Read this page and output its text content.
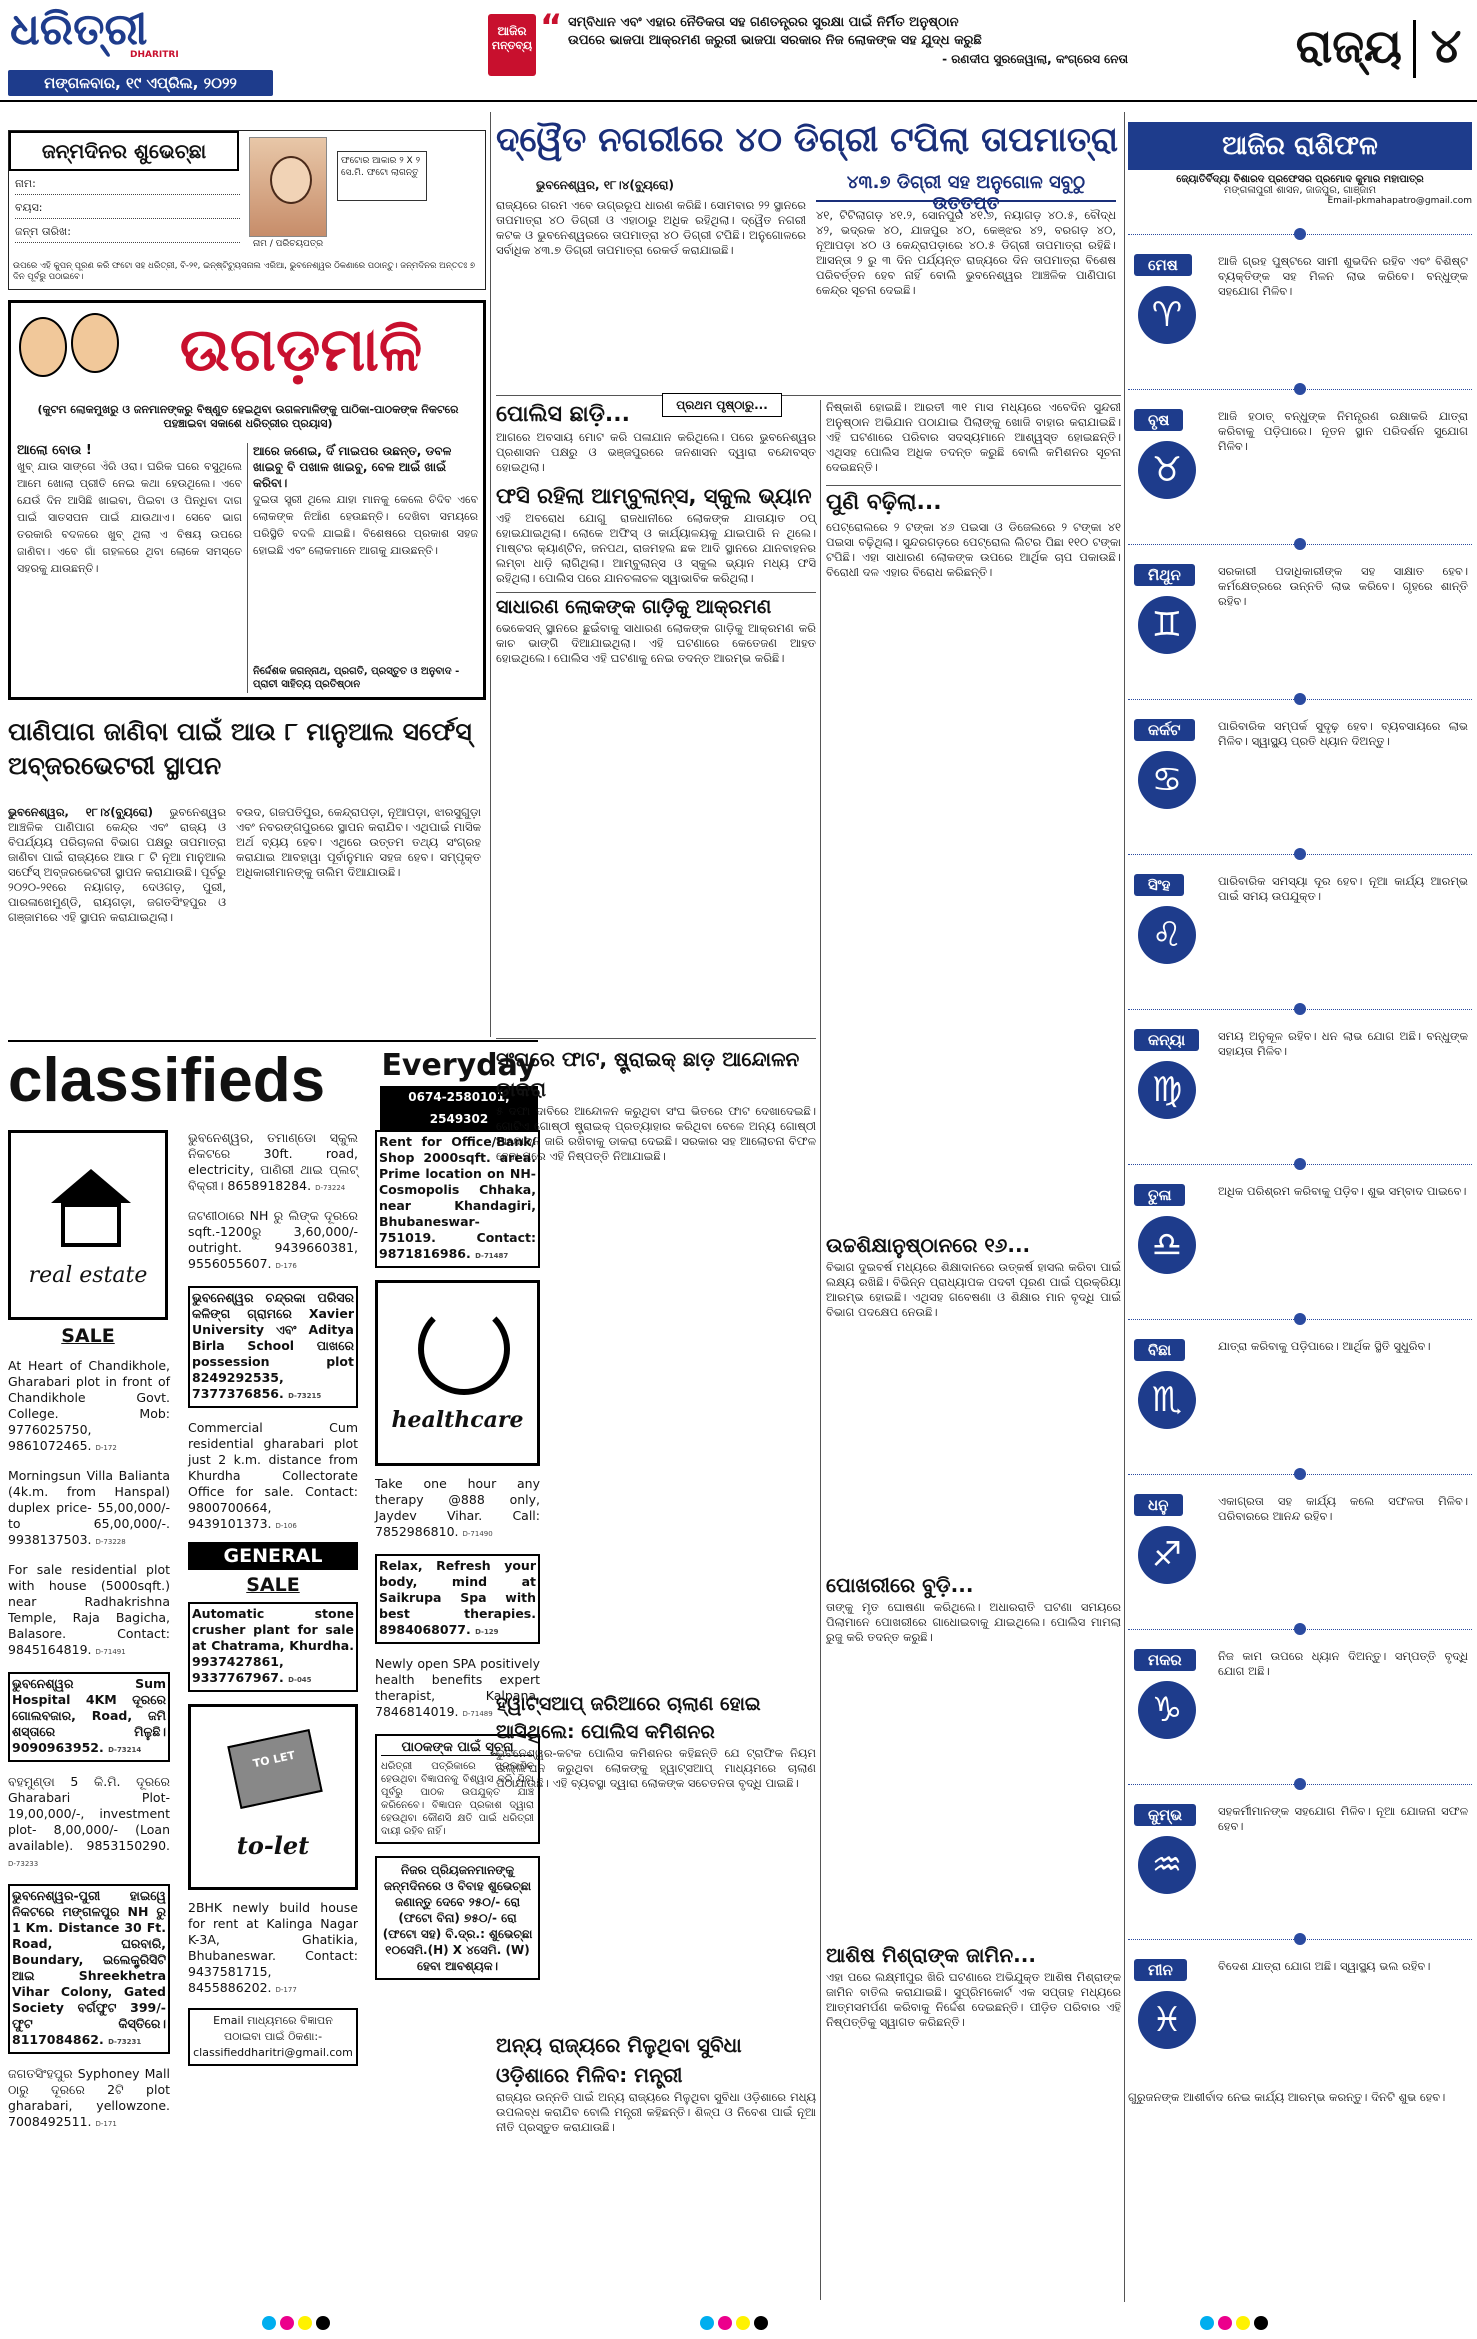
ଧରିତ୍ରୀ
DHARITRI
ମଙ୍ଗଳବାର, ୧୯ ଏପ୍ରିଲ, ୨୦୨୨
ଆଜିର
ମନ୍ତବ୍ୟ “ ସମ୍ବିଧାନ ଏବଂ ଏହାର ନୈତିକତା ସହ ଗଣତନ୍ତ୍ରର ସୁରକ୍ଷା ପାଇଁ ନିର୍ମିତ ଅନୁଷ୍ଠାନ
ଉପରେ ଭାଜପା ଆକ୍ରମଣ ଜରୁରୀ ଭାଜପା ସରକାର ନିଜ ଲୋକଙ୍କ ସହ ଯୁଦ୍ଧ କରୁଛି
- ରଣଦୀପ ସୁରଜେୱାଲା, କଂଗ୍ରେସ ନେତା	ରାଜ୍ୟ ୪
ଜନ୍ମଦିନର ଶୁଭେଚ୍ଛା
ନାମ:
ବୟସ:
ଜନ୍ମ ତାରିଖ:
ନାମ / ପରିଚୟପତ୍ର
ଫଟୋର ଆକାର ୨ X ୨ ସେ.ମି. ଫଟୋ ଲାଗନ୍ତୁ
ଉପରେ ଏହି କୁପନ୍ ପୂରଣ କରି ଫଟୋ ସହ ଧରିତ୍ରୀ, ବି-୨୧, ଇନ୍‌ଷ୍ଟିଟ୍ୟୁସନାଲ ଏରିଆ, ଭୁବନେଶ୍ୱର ଠିକଣାରେ ପଠାନ୍ତୁ। ଜନ୍ମଦିନର ଅନ୍ତତଃ ୭ ଦିନ ପୂର୍ବରୁ ପଠାଇବେ।
ଉଗଡ଼ମାଳି
(କୁଟମ ଲୋକମୁଖରୁ ଓ ଜନମାନଙ୍କରୁ ବିଷ୍ଣୁତ ହେଇଥିବା ଉଗଳମାଳିଙ୍କୁ ପାଠିକା-ପାଠକଙ୍କ ନିକଟରେ ପହଞ୍ଚାଇବା ସକାଶେ ଧରିତ୍ରୀର ପ୍ରୟାସ)
ଆଲୋ ବୋଉ !
ଖୁବ୍ ଯାଉ ସାଙ୍ଗେ ଏଁରି ଓରା। ଘରିକ ଘରେ ବସୁଥିଲେ ଆମେ ଖୋଲା ପ୍ରୀତି ନେଇ କଥା ହେଉଥିଲେ। ଏବେ ଯେଉଁ ଦିନ ଆସିଛି ଖାଇବା, ପିଇବା ଓ ପିନ୍ଧିବା ଦାଗ ପାଇଁ ସାତସପନ ପାଇଁ ଯାଉଥାଏ। ସେବେ ଭାଗ ତରକାରି ବଦଳରେ ଖୁବ୍ ଥିଲା ଏ ବିଷୟ ଉପରେ ଜାଣିବା। ଏବେ ଗାଁ ଗହଳରେ ଥିବା ଲୋକେ ସମସ୍ତେ ସହରକୁ ଯାଉଛନ୍ତି।
ଆରେ ଜଣେଇ, ଦିଁ ମାଇପର ଉଛନ୍ତ, ଡବଳ ଖାଇବୁ ବି ପଖାଳ ଖାଇବୁ, ବେଳ ଆଇଁ ଖାଇଁ କରିବା।
ଦୁଇତା ସ୍ତ୍ରୀ ଥିଲେ ଯାହା ମାନକୁ କେଲେ ଚିଦିବ ଏବେ ଲୋକଙ୍କ ନିଆଁଣ ହେଉଛନ୍ତି। ଦେଖିବା ସମୟରେ ପରିସ୍ଥିତି ବଦଳି ଯାଇଛି। ବିଶେଷରେ ପ୍ରକାଶ ସହଜ ହୋଇଛି ଏବଂ ଲୋକମାନେ ଆଗକୁ ଯାଉଛନ୍ତି।
ନିର୍ଦ୍ଦେଶକ ଜଗନ୍ନାଥ, ପ୍ରଗତି, ପ୍ରସ୍ତୁତ ଓ ଅନୁବାଦ - ପ୍ରାଚୀ ସାହିତ୍ୟ ପ୍ରତିଷ୍ଠାନ
ପାଣିପାଗ ଜାଣିବା ପାଇଁ ଆଉ ୮ ମାନୁଆଲ ସର୍ଫେସ୍ ଅବ୍‌ଜରଭେଟରୀ ସ୍ଥାପନ
ଭୁବନେଶ୍ୱର, ୧୮।୪(ବ୍ୟୁରୋ) ଭୁବନେଶ୍ୱର ଆଞ୍ଚଳିକ ପାଣିପାଗ କେନ୍ଦ୍ର ଏବଂ ରାଜ୍ୟ ଓ ବିପର୍ଯ୍ୟୟ ପରିଚାଳନା ବିଭାଗ ପକ୍ଷରୁ ତାପମାତ୍ରା ଜାଣିବା ପାଇଁ ରାଜ୍ୟରେ ଆଉ ୮ ଟି ନୂଆ ମାନୁଆଲ ସର୍ଫେସ୍ ଅବ୍‌ଜରଭେଟରୀ ସ୍ଥାପନ କରାଯାଉଛି। ପୂର୍ବରୁ ୨୦୨୦-୨୧ରେ ନୟାଗଡ଼, ଦେଓଗଡ଼, ପୁରୀ, ପାରଳାଖେମୁଣ୍ଡି, ରାୟଗଡ଼ା, ଜଗତସିଂହପୁର ଓ ଗଞ୍ଜାମରେ ଏହି ସ୍ଥାପନ କରାଯାଇଥିଲା।
ବଉଦ, ଗଜପତିପୁର, କେନ୍ଦ୍ରାପଡ଼ା, ନୂଆପଡ଼ା, ଝାରସୁଗୁଡ଼ା ଏବଂ ନବରଙ୍ଗପୁରରେ ସ୍ଥାପନ କରାଯିବ। ଏଥିପାଇଁ ମାସିକ ଅର୍ଥ ବ୍ୟୟ ହେବ। ଏଥିରେ ଉତ୍ତମ ତଥ୍ୟ ସଂଗ୍ରହ କରାଯାଇ ଆବହାୱା ପୂର୍ବାନୁମାନ ସହଜ ହେବ। ସମ୍ପୃକ୍ତ ଅଧିକାରୀମାନଙ୍କୁ ତାଲିମ ଦିଆଯାଉଛି।
classifieds	Everyday
0674-2580101, 2549302
real estate
SALE
At Heart of Chandikhole, Gharabari plot in front of Chandikhole Govt. College. Mob: 9776025750, 9861072465. D-172
Morningsun Villa Balianta (4k.m. from Hanspal) duplex price- 55,00,000/- to 65,00,000/-. 9938137503. D-73228
For sale residential plot with house (5000sqft.) near Radhakrishna Temple, Raja Bagicha, Balasore. Contact: 9845164819. D-71491
ଭୁବନେଶ୍ୱର Sum Hospital 4KM ଦୂରରେ ଗୋଲବଜାର, Road, ଜମି ଶସ୍ତାରେ ମିଳୁଛି। 9090963952. D-73214
ବହମୁଣ୍ଡା 5 କି.ମି. ଦୂରରେ Gharabari Plot- 19,00,000/-, investment plot- 8,00,000/- (Loan available). 9853150290. D-73233
ଭୁବନେଶ୍ୱର-ପୁରୀ ହାଇୱେ ନିକଟରେ ମଙ୍ଗଳପୁର NH ରୁ 1 Km. Distance 30 Ft. Road, ଘରବାରି, Boundary, ଇଲେକ୍ଟ୍ରିସିଟି ଆଇ Shreekhetra Vihar Colony, Gated Society ବର୍ଗଫୁଟ 399/- ଫୁଟ କିସ୍ତିରେ। 8117084862. D-73231
ଜଗତସିଂହପୁର Syphoney Mall ଠାରୁ ଦୂରରେ 2ଟି plot gharabari, yellowzone. 7008492511. D-171
ଭୁବନେଶ୍ୱର, ତମାଣ୍ଡୋ ସ୍କୁଲ ନିକଟରେ 30ft. road, electricity, ପାଣିରୀ ଥାଇ ପ୍ଲଟ୍ ବିକ୍ରୀ। 8658918284. D-73224
ଜଟଣୀଠାରେ NH ରୁ ଲିଙ୍କ ଦୂରରେ sqft.-1200ରୁ 3,60,000/- outright. 9439660381, 9556055607. D-176
ଭୁବନେଶ୍ୱର ଚନ୍ଦ୍ରକା ପରିସର କଳିଙ୍ଗ ଗ୍ରାମରେ Xavier University ଏବଂ Aditya Birla School ପାଖରେ possession plot 8249292535, 7377376856. D-73215
Commercial Cum residential gharabari plot just 2 k.m. distance from Khurdha Collectorate Office for sale. Contact: 9800700664, 9439101373. D-106
GENERAL
SALE
Automatic stone crusher plant for sale at Chatrama, Khurdha. 9937427861, 9337767967. D-045
TO LET
to-let
2BHK newly build house for rent at Kalinga Nagar K-3A, Ghatikia, Bhubaneswar. Contact: 9437581715, 8455886202. D-177
Email ମାଧ୍ୟମରେ ବିଜ୍ଞାପନ ପଠାଇବା ପାଇଁ ଠିକଣା:- classifieddharitri@gmail.com
Rent for Office/Bank/ Shop 2000sqft. area. Prime location on NH-Cosmopolis Chhaka, near Khandagiri, Bhubaneswar-751019. Contact: 9871816986. D-71487
healthcare
Take one hour any therapy @888 only, Jaydev Vihar. Call: 7852986810. D-71490
Relax, Refresh your body, mind at Saikrupa Spa with best therapies. 8984068077. D-129
Newly open SPA positively health benefits expert therapist, Kalpana. 7846814019. D-71489
ପାଠକଙ୍କ ପାଇଁ ସୂଚନା
ଧରିତ୍ରୀ ପତ୍ରିକାରେ ପ୍ରକାଶିତ ହେଉଥିବା ବିଜ୍ଞାପନକୁ ବିଶ୍ୱାସ କରି ଯିବା ପୂର୍ବରୁ ପାଠକ ଉପଯୁକ୍ତ ଯାଞ୍ଚ କରିନେବେ। ବିଜ୍ଞାପନ ପ୍ରକାଶ ଦ୍ୱାରା ହେଉଥିବା କୌଣସି କ୍ଷତି ପାଇଁ ଧରିତ୍ରୀ ଦାୟୀ ରହିବ ନାହିଁ।
ନିଜର ପ୍ରିୟଜନମାନଙ୍କୁ ଜନ୍ମଦିନରେ ଓ ବିବାହ ଶୁଭେଚ୍ଛା ଜଣାନ୍ତୁ ଦେବେ ୨୫୦/- ରୋ (ଫଟୋ ବିନା) ୭୫୦/- ରୋ (ଫଟୋ ସହ) ବି.ଦ୍ର.: ଶୁଭେଚ୍ଛା ୧୦ସେମି.(H) X ୪ସେମି. (W) ହେବା ଆବଶ୍ୟକ।
ଦ୍ୱୈତ ନଗରୀରେ ୪୦ ଡିଗ୍ରୀ ଟପିଲା ତାପମାତ୍ରା
ଭୁବନେଶ୍ୱର, ୧୮।୪(ବ୍ୟୁରୋ)	୪୩.୭ ଡିଗ୍ରୀ ସହ ଅନୁଗୋଳ ସବୁଠୁ ଉତ୍ତପ୍ତ
ରାଜ୍ୟରେ ଗରମ ଏବେ ଉଗ୍ରରୂପ ଧାରଣ କରିଛି। ସୋମବାର ୨୨ ସ୍ଥାନରେ ତାପମାତ୍ରା ୪୦ ଡିଗ୍ରୀ ଓ ଏହାଠାରୁ ଅଧିକ ରହିଥିଲା। ଦ୍ୱୈତ ନଗରୀ କଟକ ଓ ଭୁବନେଶ୍ୱରରେ ତାପମାତ୍ରା ୪୦ ଡିଗ୍ରୀ ଟପିଛି। ଅନୁଗୋଳରେ ସର୍ବାଧିକ ୪୩.୭ ଡିଗ୍ରୀ ତାପମାତ୍ରା ରେକର୍ଡ କରାଯାଇଛି।
୪୧, ଟିଟିଲାଗଡ଼ ୪୧.୨, ସୋନପୁର ୪୧.୬, ନୟାଗଡ଼ ୪୦.୫, ବୌଦ୍ଧ ୪୨, ଭଦ୍ରକ ୪୦, ଯାଜପୁର ୪୦, କେଞ୍ଝର ୪୨, ବରଗଡ଼ ୪୦, ନୂଆପଡ଼ା ୪୦ ଓ କେନ୍ଦ୍ରାପଡ଼ାରେ ୪୦.୫ ଡିଗ୍ରୀ ତାପମାତ୍ରା ରହିଛି। ଆସନ୍ତା ୨ ରୁ ୩ ଦିନ ପର୍ଯ୍ୟନ୍ତ ରାଜ୍ୟରେ ଦିନ ତାପମାତ୍ରା ବିଶେଷ ପରିବର୍ତ୍ତନ ହେବ ନାହିଁ ବୋଲି ଭୁବନେଶ୍ୱର ଆଞ୍ଚଳିକ ପାଣିପାଗ କେନ୍ଦ୍ର ସୂଚନା ଦେଇଛି।
ପୋଲିସ ଛାଡ଼ି...
ଆଗରେ ଅବସାୟ ମୋଟ କରି ପଳାଯାନ କରିଥିଲେ। ପରେ ଭୁବନେଶ୍ୱର ପ୍ରଶାସନ ପକ୍ଷରୁ ଓ ଭଞ୍ଜପୁରରେ ଜନଶାସନ ଦ୍ୱାରା ବନ୍ଦୋବସ୍ତ ହୋଇଥିଲା।
ଫସି ରହିଲା ଆମ୍ବୁଲାନ୍ସ, ସ୍କୁଲ ଭ୍ୟାନ
ଏହି ଅବରୋଧ ଯୋଗୁ ରାଜଧାନୀରେ ଲୋକଙ୍କ ଯାତାୟାତ ଠପ୍ ହୋଇଯାଇଥିଲା। ଲୋକେ ଅଫିସ୍ ଓ କାର୍ଯ୍ୟାଳୟକୁ ଯାଇପାରି ନ ଥିଲେ। ମାଷ୍ଟର କ୍ୟାଣ୍ଟିନ, ଜନପଥ, ରାଜମହଲ ଛକ ଆଦି ସ୍ଥାନରେ ଯାନବାହନର ଲମ୍ବା ଧାଡ଼ି ଲାଗିଥିଲା। ଆମ୍ବୁଲାନ୍ସ ଓ ସ୍କୁଲ ଭ୍ୟାନ ମଧ୍ୟ ଫସି ରହିଥିଲା। ପୋଲିସ ପରେ ଯାନଚଳାଚଳ ସ୍ୱାଭାବିକ କରିଥିଲା।
ସାଧାରଣ ଲୋକଙ୍କ ଗାଡ଼ିକୁ ଆକ୍ରମଣ
ଭେକେସନ୍ ସ୍ଥାନରେ ଛୁଇଁବାକୁ ସାଧାରଣ ଲୋକଙ୍କ ଗାଡ଼ିକୁ ଆକ୍ରମଣ କରି କାଚ ଭାଙ୍ଗି ଦିଆଯାଇଥିଲା। ଏହି ଘଟଣାରେ କେତେଜଣ ଆହତ ହୋଇଥିଲେ। ପୋଲିସ ଏହି ଘଟଣାକୁ ନେଇ ତଦନ୍ତ ଆରମ୍ଭ କରିଛି।
ପ୍ରଥମ ପୃଷ୍ଠାରୁ...	ନିଷ୍କାଶି ହୋଇଛି। ଆରତୀ ୩୧ ମାସ ମଧ୍ୟରେ ଏବେଦିନ ସୁନ୍ଦରୀ ଅନୁଷ୍ଠାନ ଅଭିଯାନ ପଠାଯାଇ ପିଲାଙ୍କୁ ଖୋଜି ବାହାର କରାଯାଇଛି। ଏହି ଘଟଣାରେ ପରିବାର ସଦସ୍ୟମାନେ ଆଶ୍ୱସ୍ତ ହୋଇଛନ୍ତି। ଏଥିସହ ପୋଲିସ ଅଧିକ ତଦନ୍ତ କରୁଛି ବୋଲି କମିଶନର ସୂଚନା ଦେଇଛନ୍ତି।
ପୁଣି ବଢ଼ିଲା...
ପେଟ୍ରୋଲରେ ୨ ଟଙ୍କା ୪୬ ପଇସା ଓ ଡିଜେଲରେ ୨ ଟଙ୍କା ୪୧ ପଇସା ବଢ଼ିଥିଲା। ସୁନ୍ଦରଗଡ଼ରେ ପେଟ୍ରୋଲ ଲିଟର ପିଛା ୧୧୦ ଟଙ୍କା ଟପିଛି। ଏହା ସାଧାରଣ ଲୋକଙ୍କ ଉପରେ ଆର୍ଥିକ ଚାପ ପକାଉଛି। ବିରୋଧୀ ଦଳ ଏହାର ବିରୋଧ କରିଛନ୍ତି।
ସଂଘରେ ଫାଟ, ଷ୍ଟ୍ରାଇକ୍ ଛାଡ଼ ଆନ୍ଦୋଳନ ଡାକରା
୫ ଦଫା ଦାବିରେ ଆନ୍ଦୋଳନ କରୁଥିବା ସଂଘ ଭିତରେ ଫାଟ ଦେଖାଦେଇଛି। ଗୋଟିଏ ଗୋଷ୍ଠୀ ଷ୍ଟ୍ରାଇକ୍ ପ୍ରତ୍ୟାହାର କରିଥିବା ବେଳେ ଅନ୍ୟ ଗୋଷ୍ଠୀ ଆନ୍ଦୋଳନ ଜାରି ରଖିବାକୁ ଡାକରା ଦେଇଛି। ସରକାର ସହ ଆଲୋଚନା ବିଫଳ ହେବା ପରେ ଏହି ନିଷ୍ପତ୍ତି ନିଆଯାଇଛି।
ହ୍ୱାଟ୍‌ସଆପ୍ ଜରିଆରେ ଚାଲାଣ ହୋଇ ଆସିଥିଲେ: ପୋଲିସ କମିଶନର
ଭୁବନେଶ୍ୱର-କଟକ ପୋଲିସ କମିଶନର କହିଛନ୍ତି ଯେ ଟ୍ରାଫିକ ନିୟମ ଉଲ୍ଲଂଘନ କରୁଥିବା ଲୋକଙ୍କୁ ହ୍ୱାଟ୍‌ସଆପ୍ ମାଧ୍ୟମରେ ଚାଲାଣ ପଠାଯାଉଛି। ଏହି ବ୍ୟବସ୍ଥା ଦ୍ୱାରା ଲୋକଙ୍କ ସଚେତନତା ବୃଦ୍ଧି ପାଇଛି।
ଅନ୍ୟ ରାଜ୍ୟରେ ମିଳୁଥିବା ସୁବିଧା ଓଡ଼ିଶାରେ ମିଳିବ: ମନ୍ତ୍ରୀ
ରାଜ୍ୟର ଉନ୍ନତି ପାଇଁ ଅନ୍ୟ ରାଜ୍ୟରେ ମିଳୁଥିବା ସୁବିଧା ଓଡ଼ିଶାରେ ମଧ୍ୟ ଉପଲବ୍ଧ କରାଯିବ ବୋଲି ମନ୍ତ୍ରୀ କହିଛନ୍ତି। ଶିଳ୍ପ ଓ ନିବେଶ ପାଇଁ ନୂଆ ନୀତି ପ୍ରସ୍ତୁତ କରାଯାଉଛି।
ଉଚ୍ଚଶିକ୍ଷାନୁଷ୍ଠାନରେ ୧୬...
ବିଭାଗ ଦୁଇବର୍ଷ ମଧ୍ୟରେ ଶିକ୍ଷାଦାନରେ ଉତ୍କର୍ଷ ହାସଲ କରିବା ପାଇଁ ଲକ୍ଷ୍ୟ ରଖିଛି। ବିଭିନ୍ନ ପ୍ରାଧ୍ୟାପକ ପଦବୀ ପୂରଣ ପାଇଁ ପ୍ରକ୍ରିୟା ଆରମ୍ଭ ହୋଇଛି। ଏଥିସହ ଗବେଷଣା ଓ ଶିକ୍ଷାର ମାନ ବୃଦ୍ଧି ପାଇଁ ବିଭାଗ ପଦକ୍ଷେପ ନେଉଛି।
ପୋଖରୀରେ ବୁଡ଼ି...
ତାଙ୍କୁ ମୃତ ଘୋଷଣା କରିଥିଲେ। ଅଧାରରାତି ଘଟଣା ସମୟରେ ପିଲାମାନେ ପୋଖରୀରେ ଗାଧୋଇବାକୁ ଯାଇଥିଲେ। ପୋଲିସ ମାମଲା ରୁଜୁ କରି ତଦନ୍ତ କରୁଛି।
ଆଶିଷ ମିଶ୍ରାଙ୍କ ଜାମିନ...
ଏହା ପରେ ଲକ୍ଷ୍ମୀପୁର ଖିରି ଘଟଣାରେ ଅଭିଯୁକ୍ତ ଆଶିଷ ମିଶ୍ରାଙ୍କ ଜାମିନ ବାତିଲ କରାଯାଇଛି। ସୁପ୍ରିମକୋର୍ଟ ଏକ ସପ୍ତାହ ମଧ୍ୟରେ ଆତ୍ମସମର୍ପଣ କରିବାକୁ ନିର୍ଦ୍ଦେଶ ଦେଇଛନ୍ତି। ପୀଡ଼ିତ ପରିବାର ଏହି ନିଷ୍ପତ୍ତିକୁ ସ୍ୱାଗତ କରିଛନ୍ତି।
ଆଜିର ରାଶିଫଳ
ଜ୍ୟୋତିର୍ବିଦ୍ୟା ବିଶାରଦ ପ୍ରଫେସର ପ୍ରମୋଦ କୁମାର ମହାପାତ୍ର
ମଙ୍ଗଳାପୁରୀ ଶାସନ, ଜାଜପୁର, ଗାଞ୍ଜାମ
Email-pkmahapatro@gmail.com
ମେଷ
♈
ଆଜି ଗ୍ରହ ପୁଷ୍ଟରେ ସାମୀ ଶୁଭଦିନ ରହିବ ଏବଂ ବିଶିଷ୍ଟ ବ୍ୟକ୍ତିଙ୍କ ସହ ମିଳନ ଲାଭ କରିବେ। ବନ୍ଧୁଙ୍କ ସହଯୋଗ ମିଳିବ।
ବୃଷ
♉
ଆଜି ହଠାତ୍ ବନ୍ଧୁଙ୍କ ନିମନ୍ତ୍ରଣ ରକ୍ଷାକରି ଯାତ୍ରା କରିବାକୁ ପଡ଼ିପାରେ। ନୂତନ ସ୍ଥାନ ପରିଦର୍ଶନ ସୁଯୋଗ ମିଳିବ।
ମିଥୁନ
♊
ସରକାରୀ ପଦାଧିକାରୀଙ୍କ ସହ ସାକ୍ଷାତ ହେବ। କର୍ମକ୍ଷେତ୍ରରେ ଉନ୍ନତି ଲାଭ କରିବେ। ଗୃହରେ ଶାନ୍ତି ରହିବ।
କର୍କଟ
♋
ପାରିବାରିକ ସମ୍ପର୍କ ସୁଦୃଢ଼ ହେବ। ବ୍ୟବସାୟରେ ଲାଭ ମିଳିବ। ସ୍ୱାସ୍ଥ୍ୟ ପ୍ରତି ଧ୍ୟାନ ଦିଅନ୍ତୁ।
ସିଂହ
♌
ପାରିବାରିକ ସମସ୍ୟା ଦୂର ହେବ। ନୂଆ କାର୍ଯ୍ୟ ଆରମ୍ଭ ପାଇଁ ସମୟ ଉପଯୁକ୍ତ।
କନ୍ୟା
♍
ସମୟ ଅନୁକୂଳ ରହିବ। ଧନ ଲାଭ ଯୋଗ ଅଛି। ବନ୍ଧୁଙ୍କ ସହାୟତା ମିଳିବ।
ତୁଳା
♎
ଅଧିକ ପରିଶ୍ରମ କରିବାକୁ ପଡ଼ିବ। ଶୁଭ ସମ୍ବାଦ ପାଇବେ।
ବିଛା
♏
ଯାତ୍ରା କରିବାକୁ ପଡ଼ିପାରେ। ଆର୍ଥିକ ସ୍ଥିତି ସୁଧୁରିବ।
ଧନୁ
♐
ଏକାଗ୍ରତା ସହ କାର୍ଯ୍ୟ କଲେ ସଫଳତା ମିଳିବ। ପରିବାରରେ ଆନନ୍ଦ ରହିବ।
ମକର
♑
ନିଜ କାମ ଉପରେ ଧ୍ୟାନ ଦିଅନ୍ତୁ। ସମ୍ପତ୍ତି ବୃଦ୍ଧି ଯୋଗ ଅଛି।
କୁମ୍ଭ
♒
ସହକର୍ମୀମାନଙ୍କ ସହଯୋଗ ମିଳିବ। ନୂଆ ଯୋଜନା ସଫଳ ହେବ।
ମୀନ
♓
ବିଦେଶ ଯାତ୍ରା ଯୋଗ ଅଛି। ସ୍ୱାସ୍ଥ୍ୟ ଭଲ ରହିବ।
ଗୁରୁଜନଙ୍କ ଆଶୀର୍ବାଦ ନେଇ କାର୍ଯ୍ୟ ଆରମ୍ଭ କରନ୍ତୁ। ଦିନଟି ଶୁଭ ହେବ।
